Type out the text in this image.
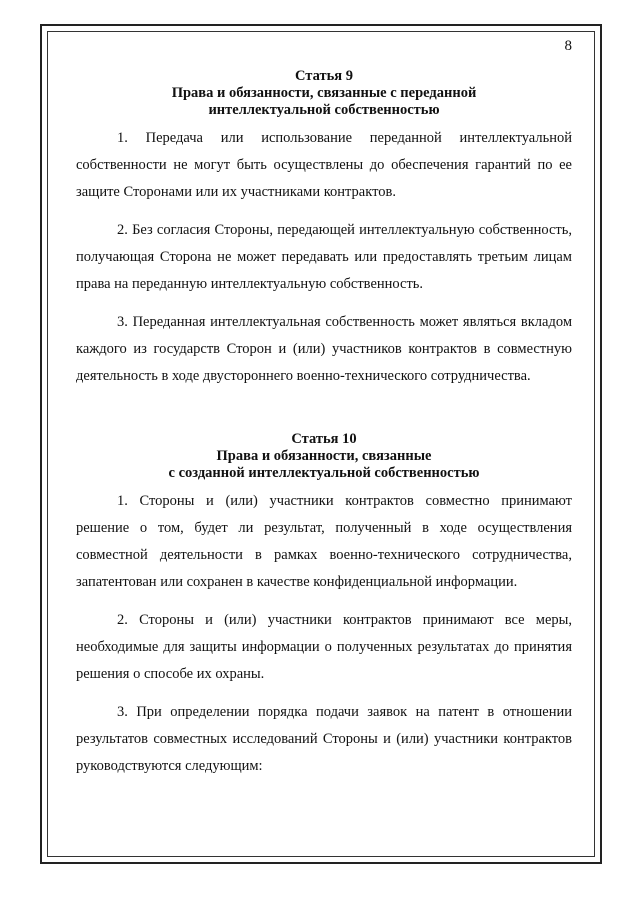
8

Статья 9

Права и обязанности, связанные с переданной

интеллектуальной собственностью

1. Передача или использование переданной интеллектуальной собственности не могут быть осуществлены до обеспечения гарантий по ее защите Сторонами или их участниками контрактов.

2. Без согласия Стороны, передающей интеллектуальную собственность, получающая Сторона не может передавать или предоставлять третьим лицам права на переданную интеллектуальную собственность.

3. Переданная интеллектуальная собственность может являться вкладом каждого из государств Сторон и (или) участников контрактов в совместную деятельность в ходе двустороннего военно-технического сотрудничества.

Статья 10

Права и обязанности, связанные

с созданной интеллектуальной собственностью

1. Стороны и (или) участники контрактов совместно принимают решение о том, будет ли результат, полученный в ходе осуществления совместной деятельности в рамках военно-технического сотрудничества, запатентован или сохранен в качестве конфиденциальной информации.

2. Стороны и (или) участники контрактов принимают все меры, необходимые для защиты информации о полученных результатах до принятия решения о способе их охраны.

3. При определении порядка подачи заявок на патент в отношении результатов совместных исследований Стороны и (или) участники контрактов руководствуются следующим:
